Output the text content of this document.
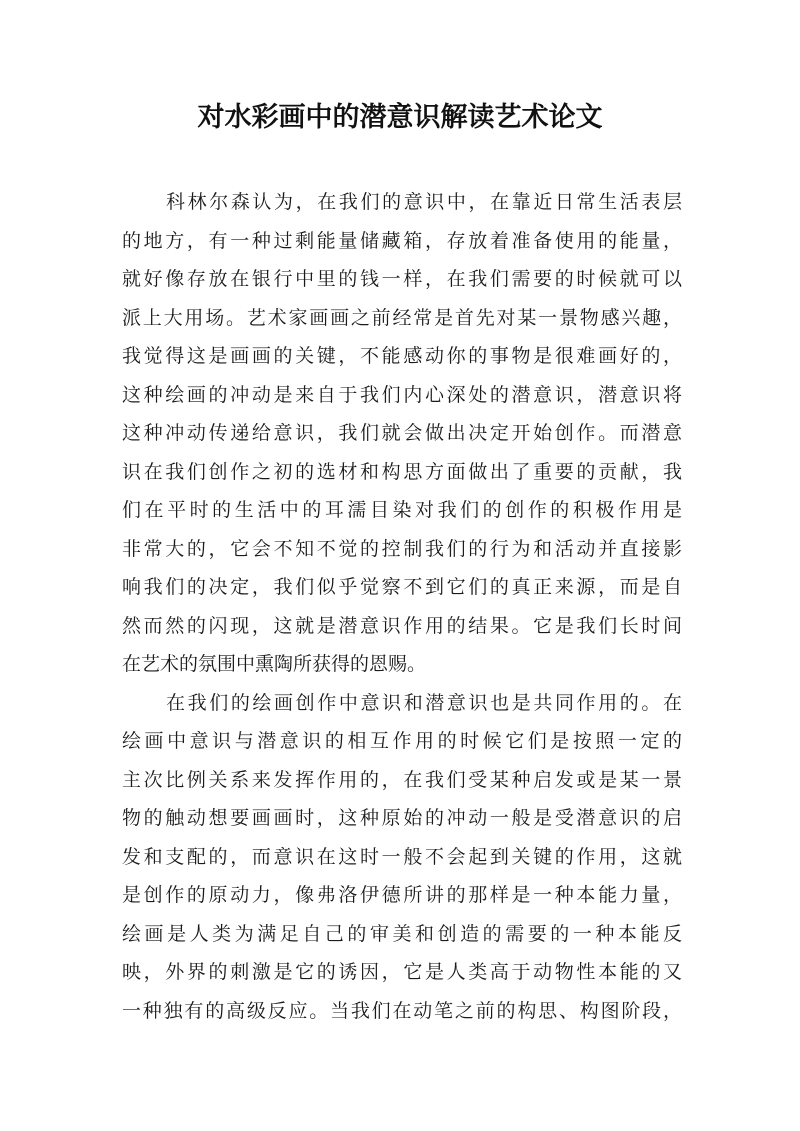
对水彩画中的潜意识解读艺术论文
科林尔森认为，在我们的意识中，在靠近日常生活表层
的地方，有一种过剩能量储藏箱，存放着准备使用的能量，
就好像存放在银行中里的钱一样，在我们需要的时候就可以
派上大用场。艺术家画画之前经常是首先对某一景物感兴趣，
我觉得这是画画的关键，不能感动你的事物是很难画好的，
这种绘画的冲动是来自于我们内心深处的潜意识，潜意识将
这种冲动传递给意识，我们就会做出决定开始创作。而潜意
识在我们创作之初的选材和构思方面做出了重要的贡献，我
们在平时的生活中的耳濡目染对我们的创作的积极作用是
非常大的，它会不知不觉的控制我们的行为和活动并直接影
响我们的决定，我们似乎觉察不到它们的真正来源，而是自
然而然的闪现，这就是潜意识作用的结果。它是我们长时间
在艺术的氛围中熏陶所获得的恩赐。
在我们的绘画创作中意识和潜意识也是共同作用的。在
绘画中意识与潜意识的相互作用的时候它们是按照一定的
主次比例关系来发挥作用的，在我们受某种启发或是某一景
物的触动想要画画时，这种原始的冲动一般是受潜意识的启
发和支配的，而意识在这时一般不会起到关键的作用，这就
是创作的原动力，像弗洛伊德所讲的那样是一种本能力量，
绘画是人类为满足自己的审美和创造的需要的一种本能反
映，外界的刺激是它的诱因，它是人类高于动物性本能的又
一种独有的高级反应。当我们在动笔之前的构思、构图阶段，
